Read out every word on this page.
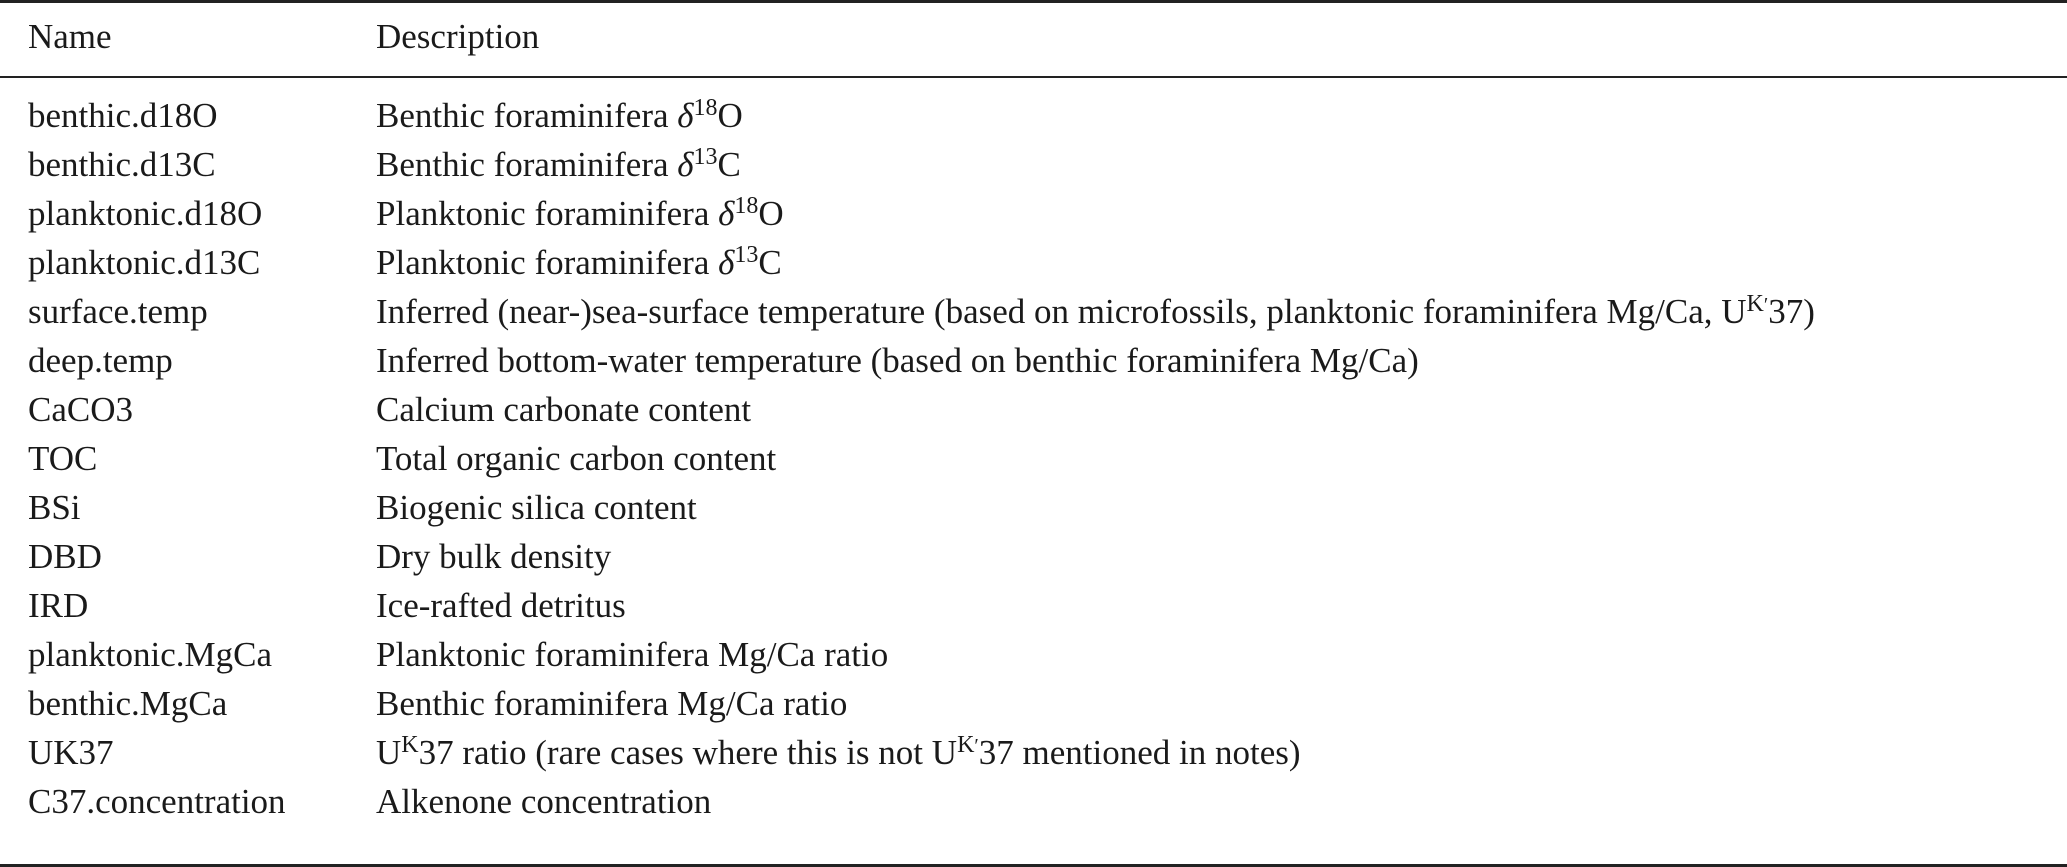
Name	Description
benthic.d18O	Benthic foraminifera $\delta^{18}O$
benthic.d13C	Benthic foraminifera $\delta^{13}C$
planktonic.d18O	Planktonic foraminifera $\delta^{18}O$
planktonic.d13C	Planktonic foraminifera $\delta^{13}C$
surface.temp	Inferred (near-)sea-surface temperature (based on microfossils, planktonic foraminifera Mg/Ca, $U^{K'}37$)
deep.temp	Inferred bottom-water temperature (based on benthic foraminifera Mg/Ca)
CaCO3	Calcium carbonate content
TOC	Total organic carbon content
BSi	Biogenic silica content
DBD	Dry bulk density
IRD	Ice-rafted detritus
planktonic.MgCa	Planktonic foraminifera Mg/Ca ratio
benthic.MgCa	Benthic foraminifera Mg/Ca ratio
UK37	$U^K37$ ratio (rare cases where this is not $U^{K'}37$ mentioned in notes)
C37.concentration	Alkenone concentration
